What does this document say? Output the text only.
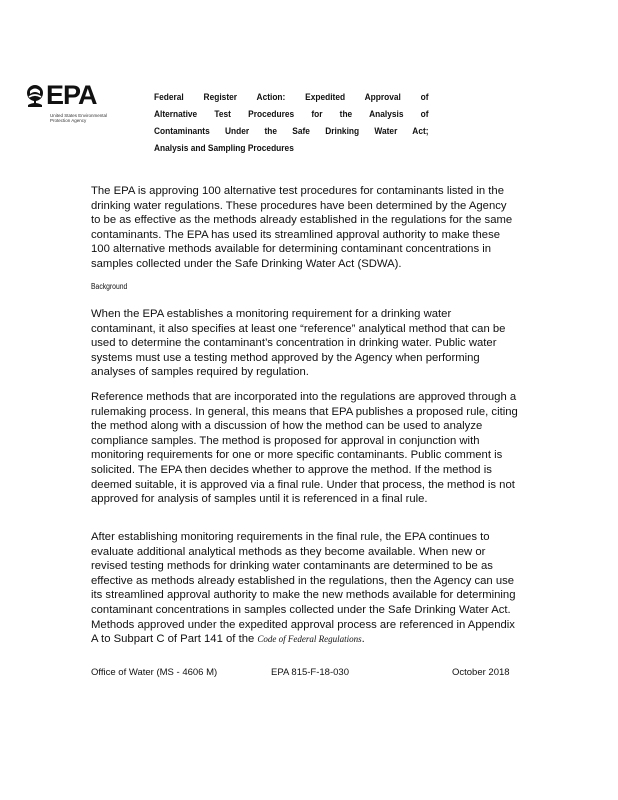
EPA
United States Environmental Protection Agency
Federal Register Action: Expedited Approval of
Alternative Test Procedures for the Analysis of
Contaminants Under the Safe Drinking Water Act;
Analysis and Sampling Procedures

The EPA is approving 100 alternative test procedures for contaminants listed in the drinking water regulations. These procedures have been determined by the Agency to be as effective as the methods already established in the regulations for the same contaminants. The EPA has used its streamlined approval authority to make these 100 alternative methods available for determining contaminant concentrations in samples collected under the Safe Drinking Water Act (SDWA).

Background

When the EPA establishes a monitoring requirement for a drinking water contaminant, it also specifies at least one “reference” analytical method that can be used to determine the contaminant’s concentration in drinking water. Public water systems must use a testing method approved by the Agency when performing analyses of samples required by regulation.

Reference methods that are incorporated into the regulations are approved through a rulemaking process. In general, this means that EPA publishes a proposed rule, citing the method along with a discussion of how the method can be used to analyze compliance samples. The method is proposed for approval in conjunction with monitoring requirements for one or more specific contaminants. Public comment is solicited. The EPA then decides whether to approve the method. If the method is deemed suitable, it is approved via a final rule. Under that process, the method is not approved for analysis of samples until it is referenced in a final rule.

After establishing monitoring requirements in the final rule, the EPA continues to evaluate additional analytical methods as they become available. When new or revised testing methods for drinking water contaminants are determined to be as effective as methods already established in the regulations, then the Agency can use its streamlined approval authority to make the new methods available for determining contaminant concentrations in samples collected under the Safe Drinking Water Act. Methods approved under the expedited approval process are referenced in Appendix A to Subpart C of Part 141 of the Code of Federal Regulations.

Office of Water (MS - 4606 M)	EPA 815-F-18-030	October 2018
